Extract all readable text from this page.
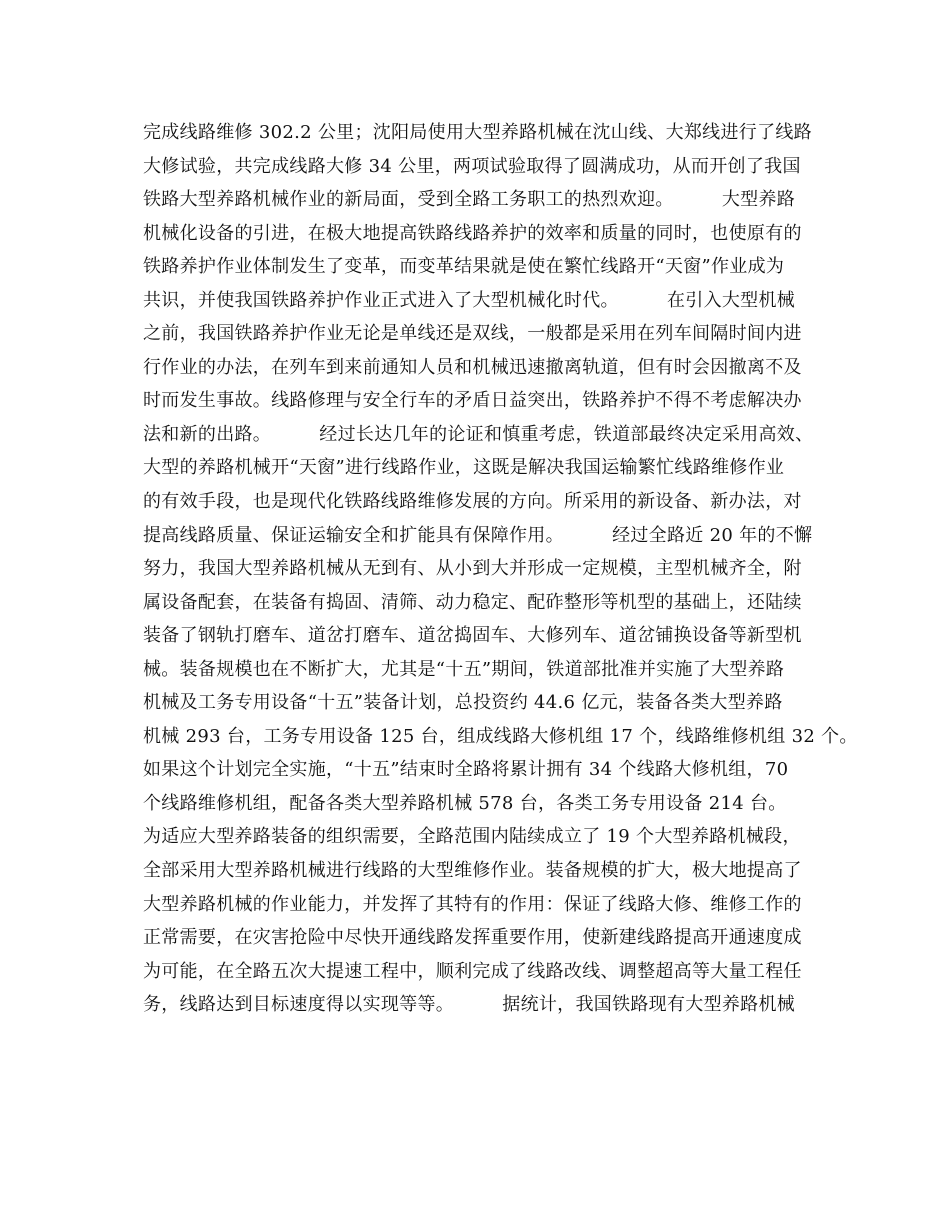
完成线路维修 302.2 公里；沈阳局使用大型养路机械在沈山线、大郑线进行了线路
大修试验，共完成线路大修 34 公里，两项试验取得了圆满成功，从而开创了我国
铁路大型养路机械作业的新局面，受到全路工务职工的热烈欢迎。        大型养路
机械化设备的引进，在极大地提高铁路线路养护的效率和质量的同时，也使原有的
铁路养护作业体制发生了变革，而变革结果就是使在繁忙线路开“天窗”作业成为
共识，并使我国铁路养护作业正式进入了大型机械化时代。        在引入大型机械
之前，我国铁路养护作业无论是单线还是双线，一般都是采用在列车间隔时间内进
行作业的办法，在列车到来前通知人员和机械迅速撤离轨道，但有时会因撤离不及
时而发生事故。线路修理与安全行车的矛盾日益突出，铁路养护不得不考虑解决办
法和新的出路。        经过长达几年的论证和慎重考虑，铁道部最终决定采用高效、
大型的养路机械开“天窗”进行线路作业，这既是解决我国运输繁忙线路维修作业
的有效手段，也是现代化铁路线路维修发展的方向。所采用的新设备、新办法，对
提高线路质量、保证运输安全和扩能具有保障作用。        经过全路近 20 年的不懈
努力，我国大型养路机械从无到有、从小到大并形成一定规模，主型机械齐全，附
属设备配套，在装备有捣固、清筛、动力稳定、配砟整形等机型的基础上，还陆续
装备了钢轨打磨车、道岔打磨车、道岔捣固车、大修列车、道岔铺换设备等新型机
械。装备规模也在不断扩大，尤其是“十五”期间，铁道部批准并实施了大型养路
机械及工务专用设备“十五”装备计划，总投资约 44.6 亿元，装备各类大型养路
机械 293 台，工务专用设备 125 台，组成线路大修机组 17 个，线路维修机组 32 个。
如果这个计划完全实施，“十五”结束时全路将累计拥有 34 个线路大修机组，70
个线路维修机组，配备各类大型养路机械 578 台，各类工务专用设备 214 台。
为适应大型养路装备的组织需要，全路范围内陆续成立了 19 个大型养路机械段，
全部采用大型养路机械进行线路的大型维修作业。装备规模的扩大，极大地提高了
大型养路机械的作业能力，并发挥了其特有的作用：保证了线路大修、维修工作的
正常需要，在灾害抢险中尽快开通线路发挥重要作用，使新建线路提高开通速度成
为可能，在全路五次大提速工程中，顺利完成了线路改线、调整超高等大量工程任
务，线路达到目标速度得以实现等等。        据统计，我国铁路现有大型养路机械
